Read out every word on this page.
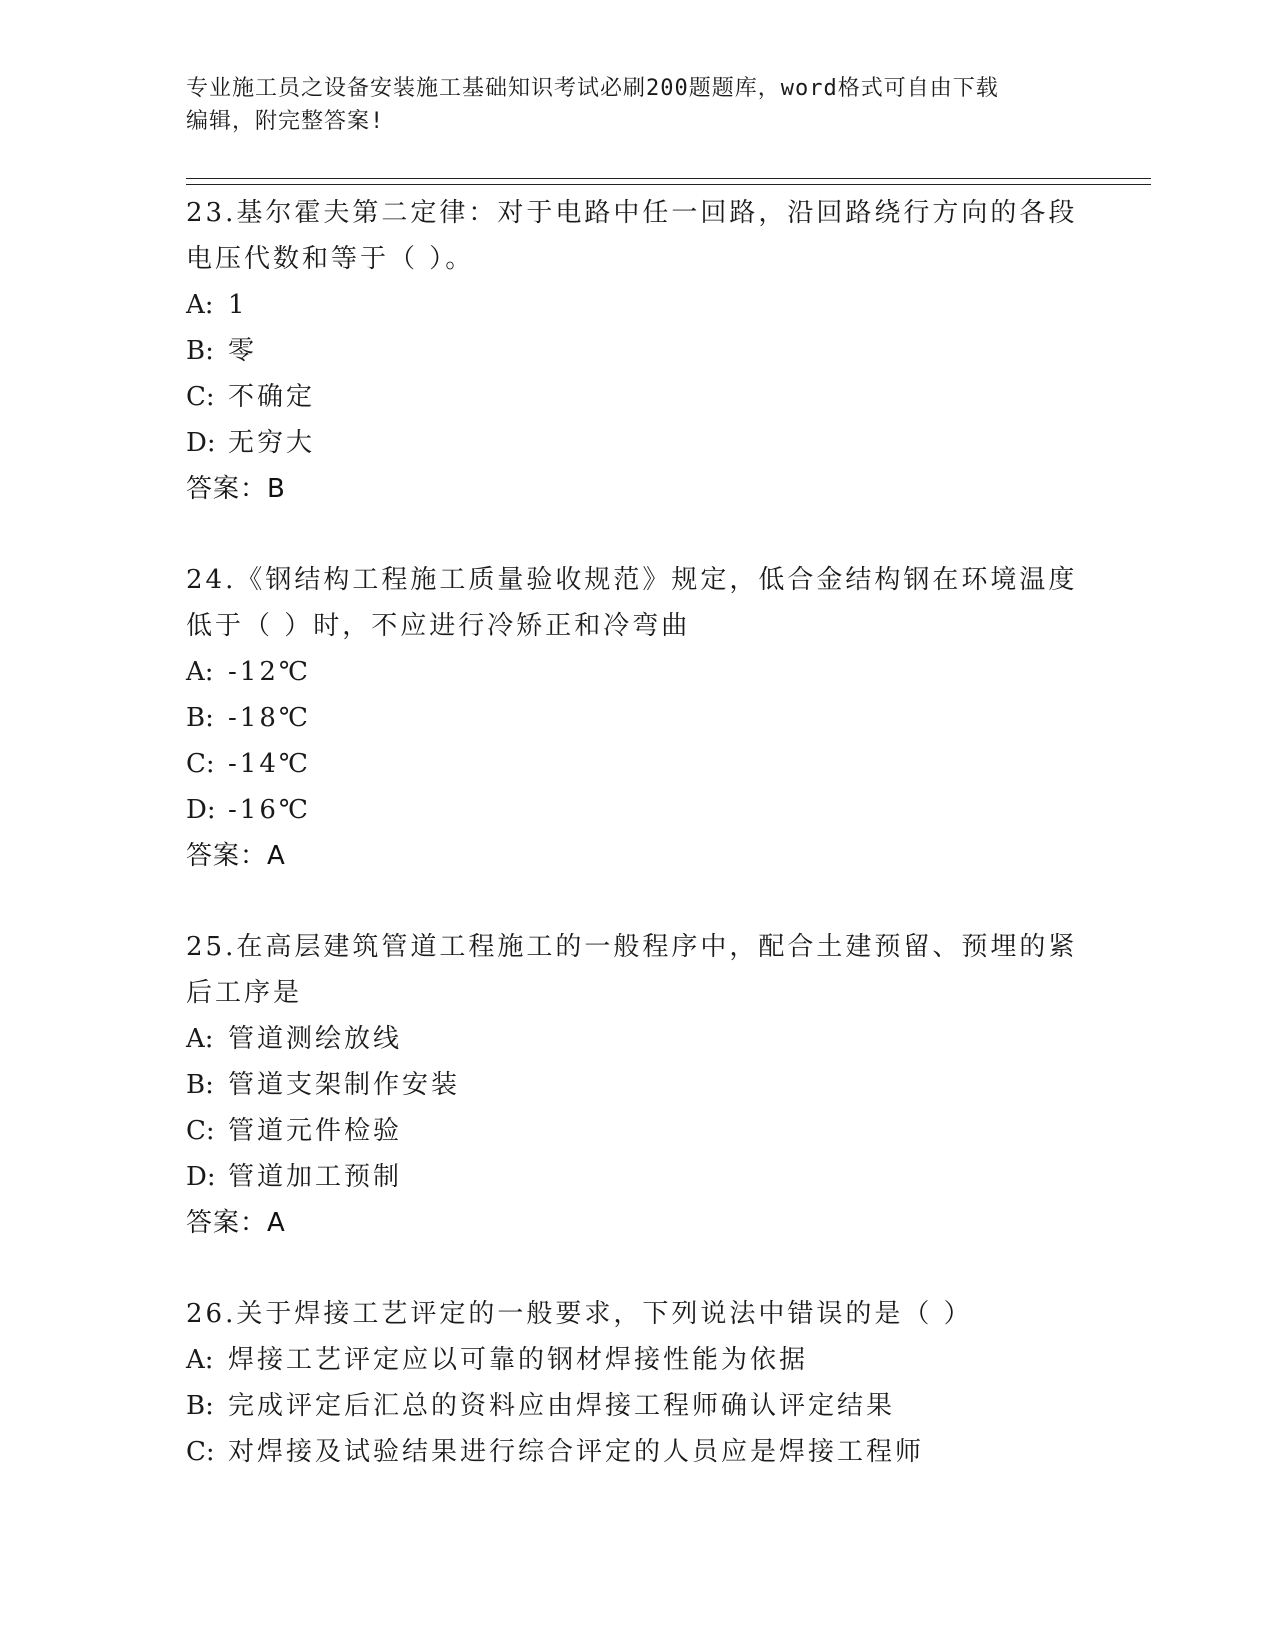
专业施工员之设备安装施工基础知识考试必刷200题题库，word格式可自由下载
编辑，附完整答案!

23.基尔霍夫第二定律：对于电路中任一回路，沿回路绕行方向的各段电压代数和等于（ ）。

A: 1
B: 零
C: 不确定
D: 无穷大
答案：B

24.《钢结构工程施工质量验收规范》规定，低合金结构钢在环境温度低于（ ）时，不应进行冷矫正和冷弯曲

A: -12℃
B: -18℃
C: -14℃
D: -16℃
答案：A

25.在高层建筑管道工程施工的一般程序中，配合土建预留、预埋的紧后工序是

A: 管道测绘放线
B: 管道支架制作安装
C: 管道元件检验
D: 管道加工预制
答案：A

26.关于焊接工艺评定的一般要求，下列说法中错误的是（ ）

A: 焊接工艺评定应以可靠的钢材焊接性能为依据
B: 完成评定后汇总的资料应由焊接工程师确认评定结果
C: 对焊接及试验结果进行综合评定的人员应是焊接工程师
